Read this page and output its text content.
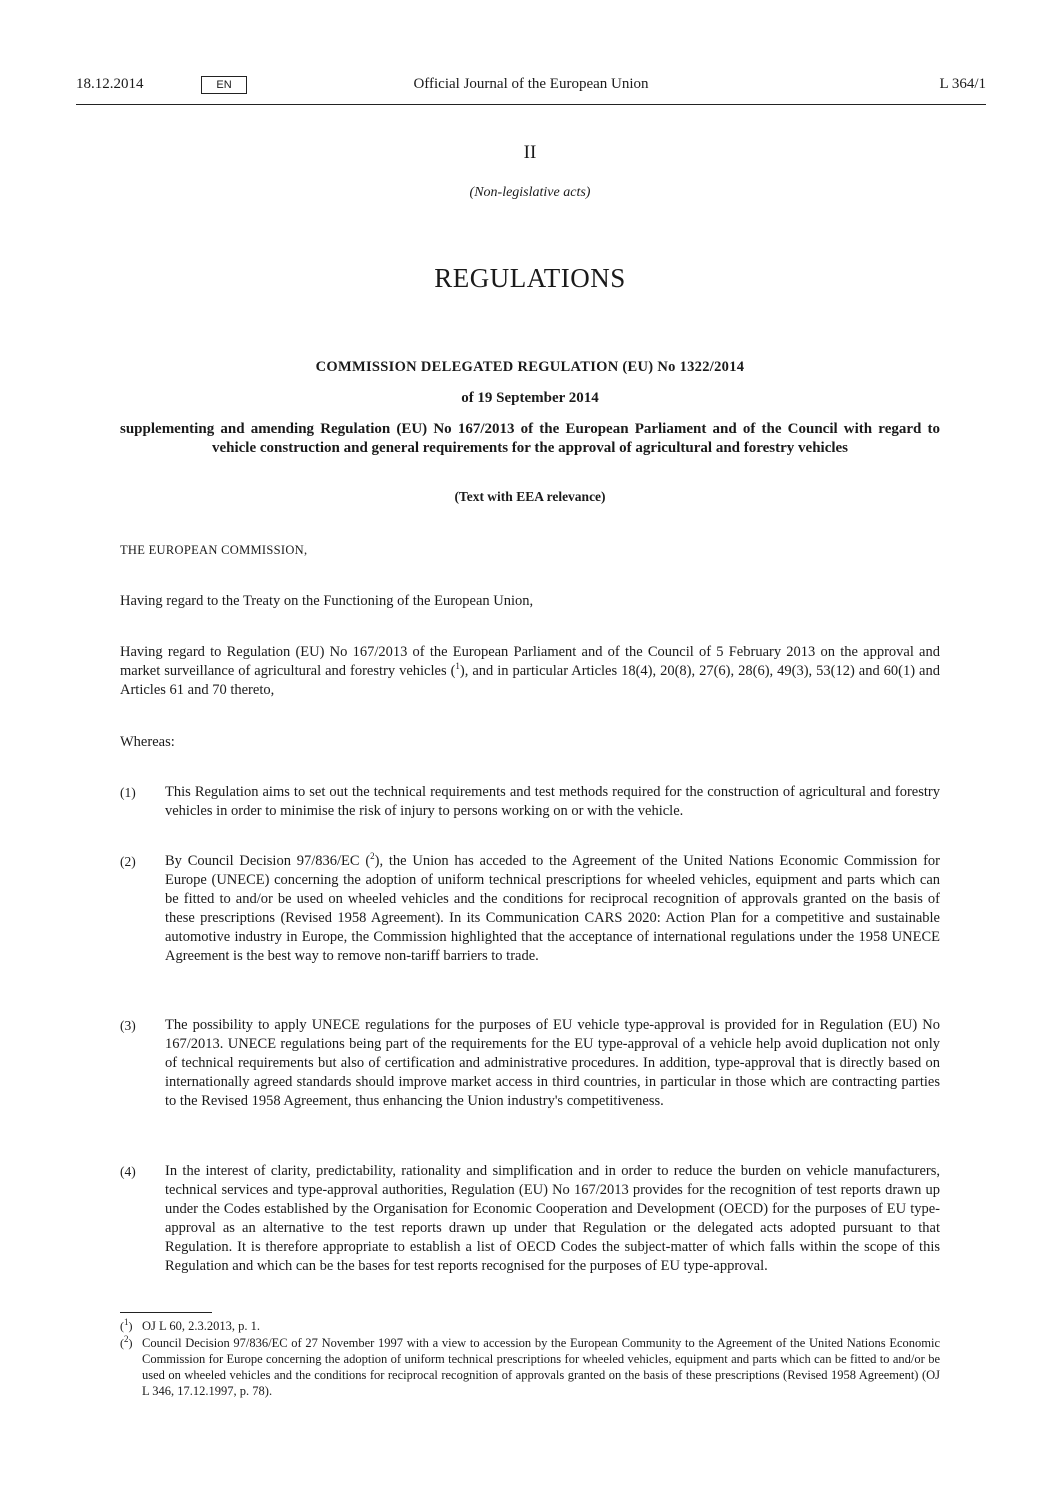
18.12.2014	EN	Official Journal of the European Union	L 364/1
II
(Non-legislative acts)
REGULATIONS
COMMISSION DELEGATED REGULATION (EU) No 1322/2014
of 19 September 2014
supplementing and amending Regulation (EU) No 167/2013 of the European Parliament and of the Council with regard to vehicle construction and general requirements for the approval of agricultural and forestry vehicles
(Text with EEA relevance)
THE EUROPEAN COMMISSION,
Having regard to the Treaty on the Functioning of the European Union,
Having regard to Regulation (EU) No 167/2013 of the European Parliament and of the Council of 5 February 2013 on the approval and market surveillance of agricultural and forestry vehicles ($^1$), and in particular Articles 18(4), 20(8), 27(6), 28(6), 49(3), 53(12) and 60(1) and Articles 61 and 70 thereto,
Whereas:
(1)	This Regulation aims to set out the technical requirements and test methods required for the construction of agricultural and forestry vehicles in order to minimise the risk of injury to persons working on or with the vehicle.
(2)	By Council Decision 97/836/EC ($^2$), the Union has acceded to the Agreement of the United Nations Economic Commission for Europe (UNECE) concerning the adoption of uniform technical prescriptions for wheeled vehicles, equipment and parts which can be fitted to and/or be used on wheeled vehicles and the conditions for reciprocal recognition of approvals granted on the basis of these prescriptions (Revised 1958 Agreement). In its Communication CARS 2020: Action Plan for a competitive and sustainable automotive industry in Europe, the Commission highlighted that the acceptance of international regulations under the 1958 UNECE Agreement is the best way to remove non-tariff barriers to trade.
(3)	The possibility to apply UNECE regulations for the purposes of EU vehicle type-approval is provided for in Regulation (EU) No 167/2013. UNECE regulations being part of the requirements for the EU type-approval of a vehicle help avoid duplication not only of technical requirements but also of certification and administrative procedures. In addition, type-approval that is directly based on internationally agreed standards should improve market access in third countries, in particular in those which are contracting parties to the Revised 1958 Agreement, thus enhancing the Union industry's competitiveness.
(4)	In the interest of clarity, predictability, rationality and simplification and in order to reduce the burden on vehicle manufacturers, technical services and type-approval authorities, Regulation (EU) No 167/2013 provides for the recognition of test reports drawn up under the Codes established by the Organisation for Economic Cooperation and Development (OECD) for the purposes of EU type-approval as an alternative to the test reports drawn up under that Regulation or the delegated acts adopted pursuant to that Regulation. It is therefore appropriate to establish a list of OECD Codes the subject-matter of which falls within the scope of this Regulation and which can be the bases for test reports recognised for the purposes of EU type-approval.
($^1$) OJ L 60, 2.3.2013, p. 1.
($^2$) Council Decision 97/836/EC of 27 November 1997 with a view to accession by the European Community to the Agreement of the United Nations Economic Commission for Europe concerning the adoption of uniform technical prescriptions for wheeled vehicles, equipment and parts which can be fitted to and/or be used on wheeled vehicles and the conditions for reciprocal recognition of approvals granted on the basis of these prescriptions (Revised 1958 Agreement) (OJ L 346, 17.12.1997, p. 78).
